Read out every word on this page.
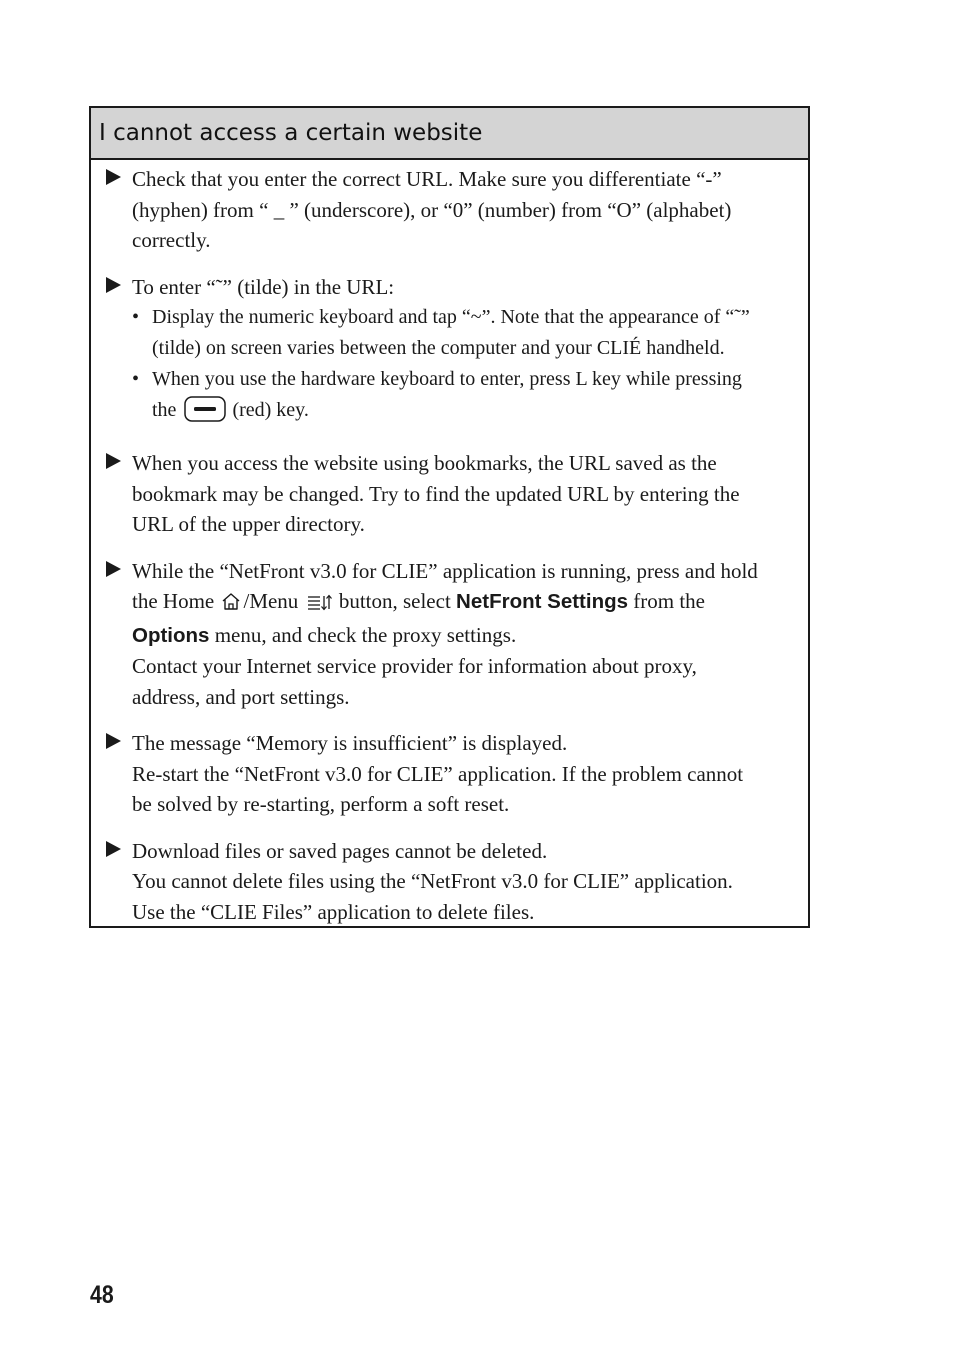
I cannot access a certain website
Check that you enter the correct URL. Make sure you differentiate “-”
(hyphen) from “ _ ” (underscore), or “0” (number) from “O” (alphabet)
correctly.
To enter “˜” (tilde) in the URL:
• Display the numeric keyboard and tap “~”. Note that the appearance of “˜”
(tilde) on screen varies between the computer and your CLIÉ handheld.
• When you use the hardware keyboard to enter, press L key while pressing
the	(red) key.
When you access the website using bookmarks, the URL saved as the
bookmark may be changed. Try to find the updated URL by entering the
URL of the upper directory.
While the “NetFront v3.0 for CLIE” application is running, press and hold
the Home /Menu button, select NetFront Settings from the
Options menu, and check the proxy settings.
Contact your Internet service provider for information about proxy,
address, and port settings.
The message “Memory is insufficient” is displayed.
Re-start the “NetFront v3.0 for CLIE” application. If the problem cannot
be solved by re-starting, perform a soft reset.
Download files or saved pages cannot be deleted.
You cannot delete files using the “NetFront v3.0 for CLIE” application.
Use the “CLIE Files” application to delete files.
48
